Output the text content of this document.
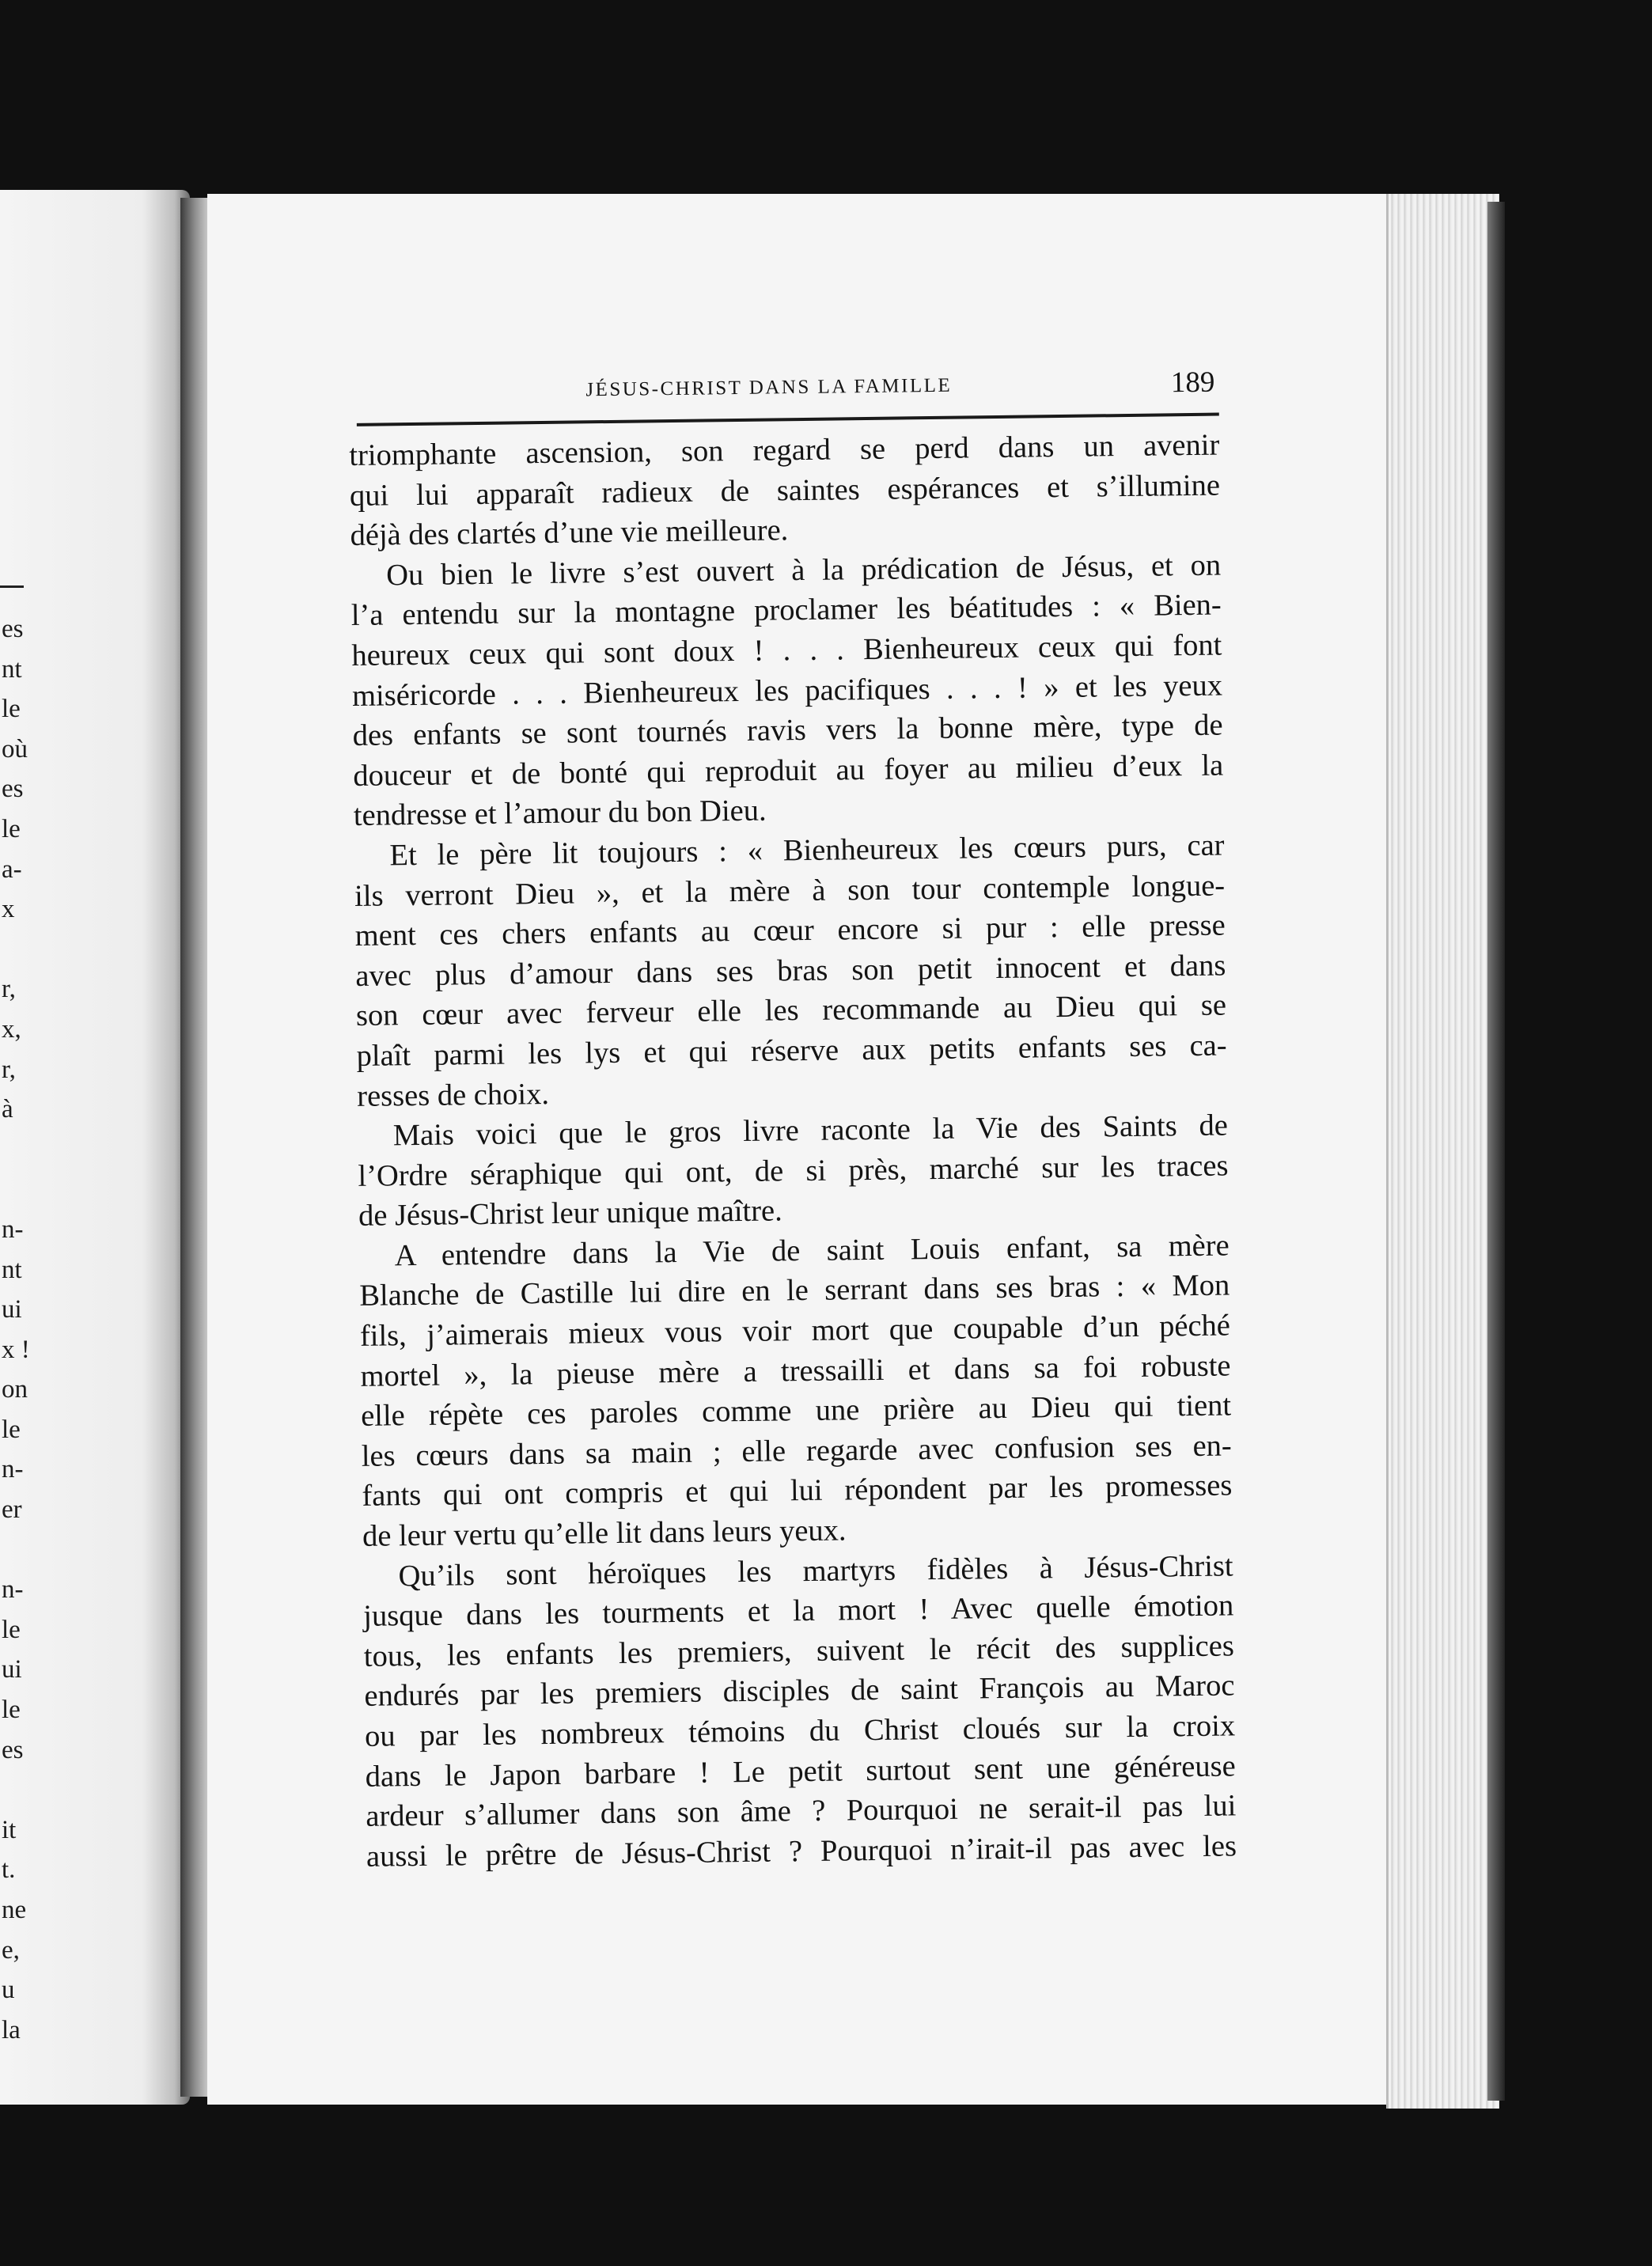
es
nt
le
où
es
le
a-
x
r,
x,
r,
à
n-
nt
ui
x !
on
le
n-
er
n-
le
ui
le
es
it
t.
ne
e,
u
la
JÉSUS-CHRIST DANS LA FAMILLE	189
triomphante ascension, son regard se perd dans un avenir
qui lui apparaît radieux de saintes espérances et s’illumine
déjà des clartés d’une vie meilleure.
Ou bien le livre s’est ouvert à la prédication de Jésus, et on
l’a entendu sur la montagne proclamer les béatitudes : « Bien-
heureux ceux qui sont doux ! . . . Bienheureux ceux qui font
miséricorde . . . Bienheureux les pacifiques . . . ! » et les yeux
des enfants se sont tournés ravis vers la bonne mère, type de
douceur et de bonté qui reproduit au foyer au milieu d’eux la
tendresse et l’amour du bon Dieu.
Et le père lit toujours : « Bienheureux les cœurs purs, car
ils verront Dieu », et la mère à son tour contemple longue-
ment ces chers enfants au cœur encore si pur : elle presse
avec plus d’amour dans ses bras son petit innocent et dans
son cœur avec ferveur elle les recommande au Dieu qui se
plaît parmi les lys et qui réserve aux petits enfants ses ca-
resses de choix.
Mais voici que le gros livre raconte la Vie des Saints de
l’Ordre séraphique qui ont, de si près, marché sur les traces
de Jésus-Christ leur unique maître.
A entendre dans la Vie de saint Louis enfant, sa mère
Blanche de Castille lui dire en le serrant dans ses bras : « Mon
fils, j’aimerais mieux vous voir mort que coupable d’un péché
mortel », la pieuse mère a tressailli et dans sa foi robuste
elle répète ces paroles comme une prière au Dieu qui tient
les cœurs dans sa main ; elle regarde avec confusion ses en-
fants qui ont compris et qui lui répondent par les promesses
de leur vertu qu’elle lit dans leurs yeux.
Qu’ils sont héroïques les martyrs fidèles à Jésus-Christ
jusque dans les tourments et la mort ! Avec quelle émotion
tous, les enfants les premiers, suivent le récit des supplices
endurés par les premiers disciples de saint François au Maroc
ou par les nombreux témoins du Christ cloués sur la croix
dans le Japon barbare ! Le petit surtout sent une généreuse
ardeur s’allumer dans son âme ? Pourquoi ne serait-il pas lui
aussi le prêtre de Jésus-Christ ? Pourquoi n’irait-il pas avec les
